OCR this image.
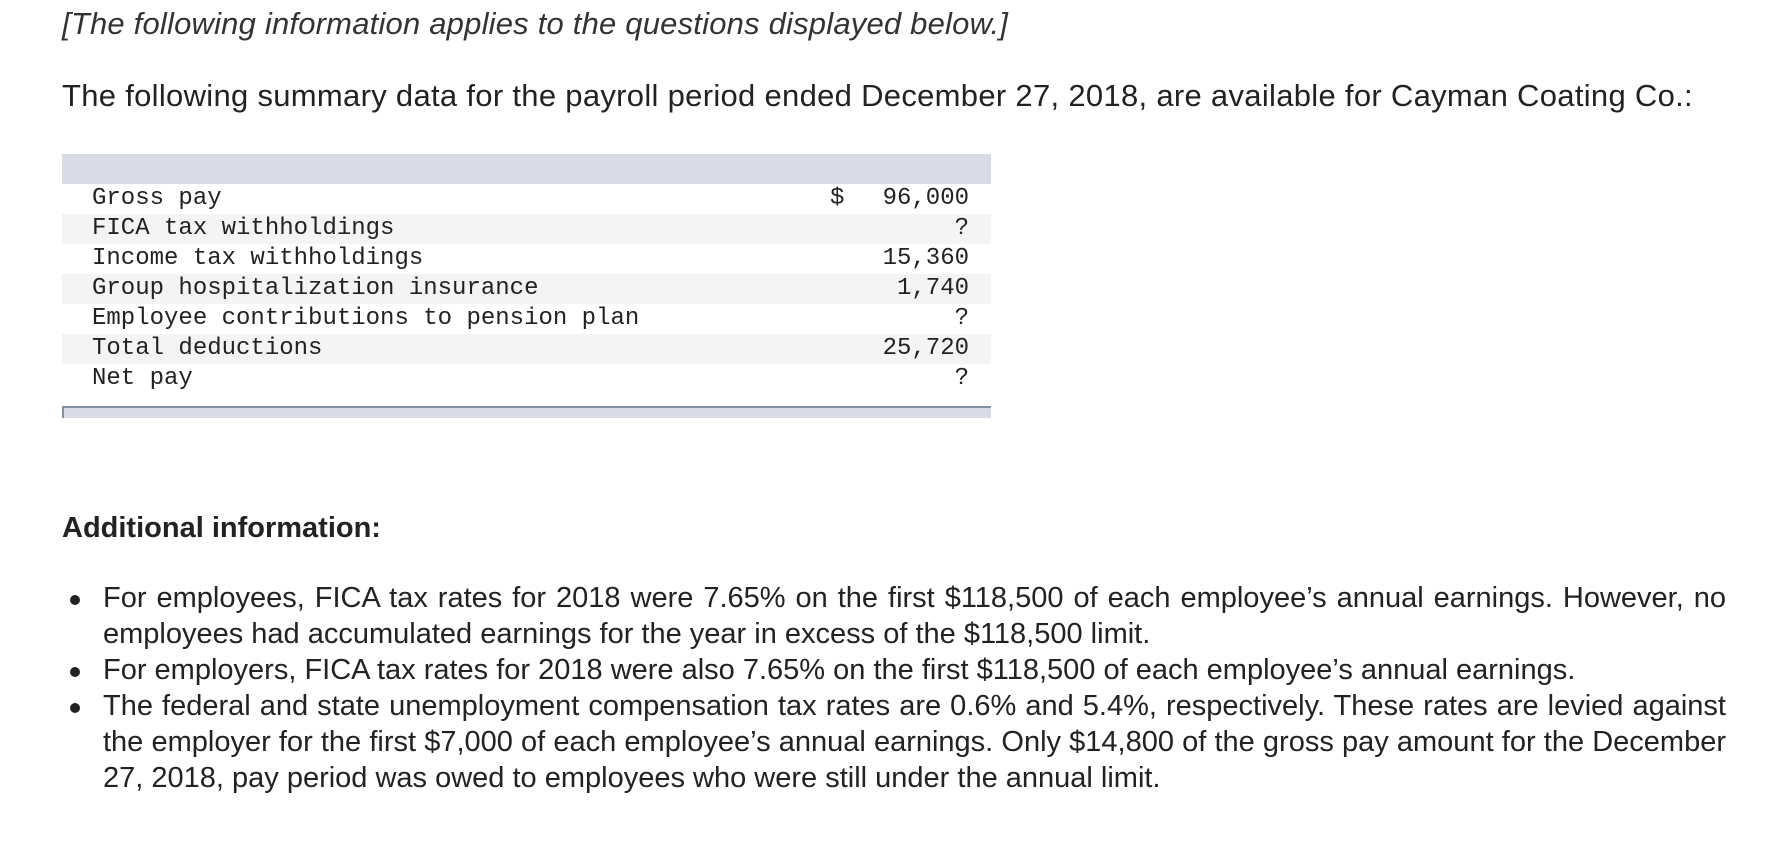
[The following information applies to the questions displayed below.]
The following summary data for the payroll period ended December 27, 2018, are available for Cayman Coating Co.:
Gross pay	$ 96,000
FICA tax withholdings	?
Income tax withholdings	15,360
Group hospitalization insurance	1,740
Employee contributions to pension plan	?
Total deductions	25,720
Net pay	?
Additional information:
For employees, FICA tax rates for 2018 were 7.65% on the first $118,500 of each employee’s annual earnings. However, no employees had accumulated earnings for the year in excess of the $118,500 limit.
For employers, FICA tax rates for 2018 were also 7.65% on the first $118,500 of each employee’s annual earnings.
The federal and state unemployment compensation tax rates are 0.6% and 5.4%, respectively. These rates are levied against the employer for the first $7,000 of each employee’s annual earnings. Only $14,800 of the gross pay amount for the December 27, 2018, pay period was owed to employees who were still under the annual limit.
